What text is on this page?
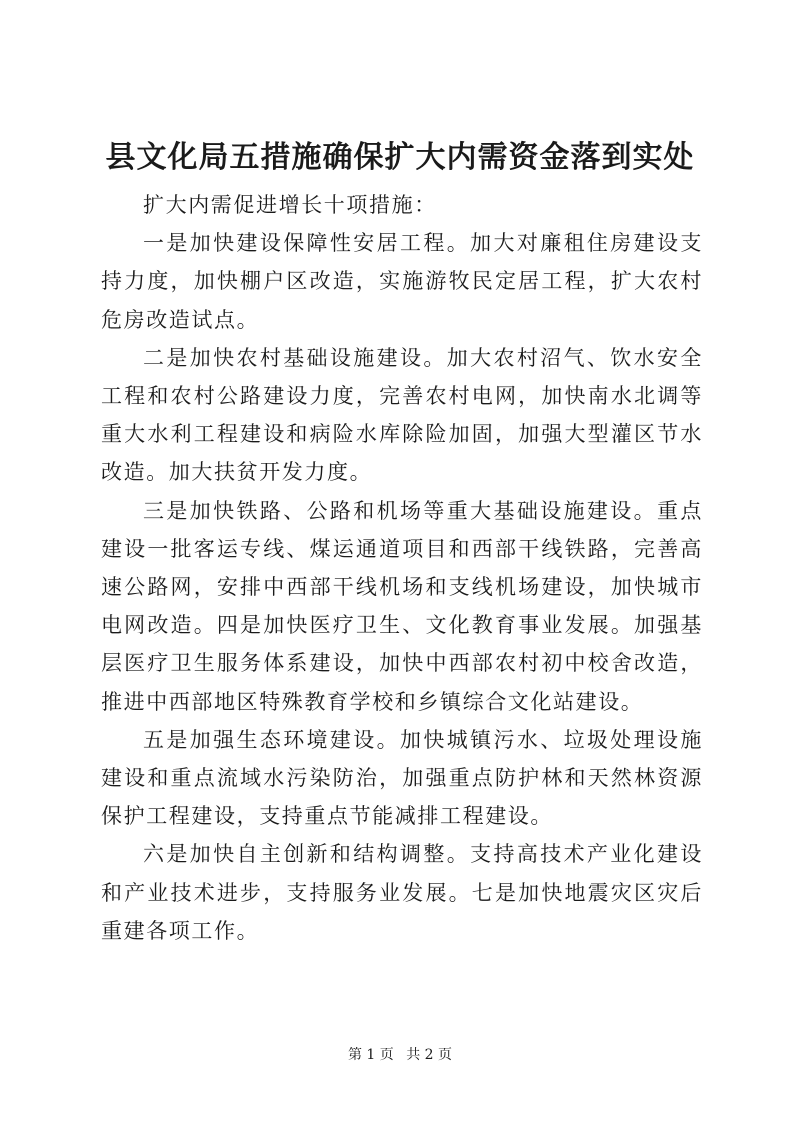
县文化局五措施确保扩大内需资金落到实处

扩大内需促进增长十项措施：

一是加快建设保障性安居工程。加大对廉租住房建设支持力度，加快棚户区改造，实施游牧民定居工程，扩大农村危房改造试点。

二是加快农村基础设施建设。加大农村沼气、饮水安全工程和农村公路建设力度，完善农村电网，加快南水北调等重大水利工程建设和病险水库除险加固，加强大型灌区节水改造。加大扶贫开发力度。

三是加快铁路、公路和机场等重大基础设施建设。重点建设一批客运专线、煤运通道项目和西部干线铁路，完善高速公路网，安排中西部干线机场和支线机场建设，加快城市电网改造。四是加快医疗卫生、文化教育事业发展。加强基层医疗卫生服务体系建设，加快中西部农村初中校舍改造，推进中西部地区特殊教育学校和乡镇综合文化站建设。

五是加强生态环境建设。加快城镇污水、垃圾处理设施建设和重点流域水污染防治，加强重点防护林和天然林资源保护工程建设，支持重点节能减排工程建设。

六是加快自主创新和结构调整。支持高技术产业化建设和产业技术进步，支持服务业发展。七是加快地震灾区灾后重建各项工作。

第 1 页 共 2 页
